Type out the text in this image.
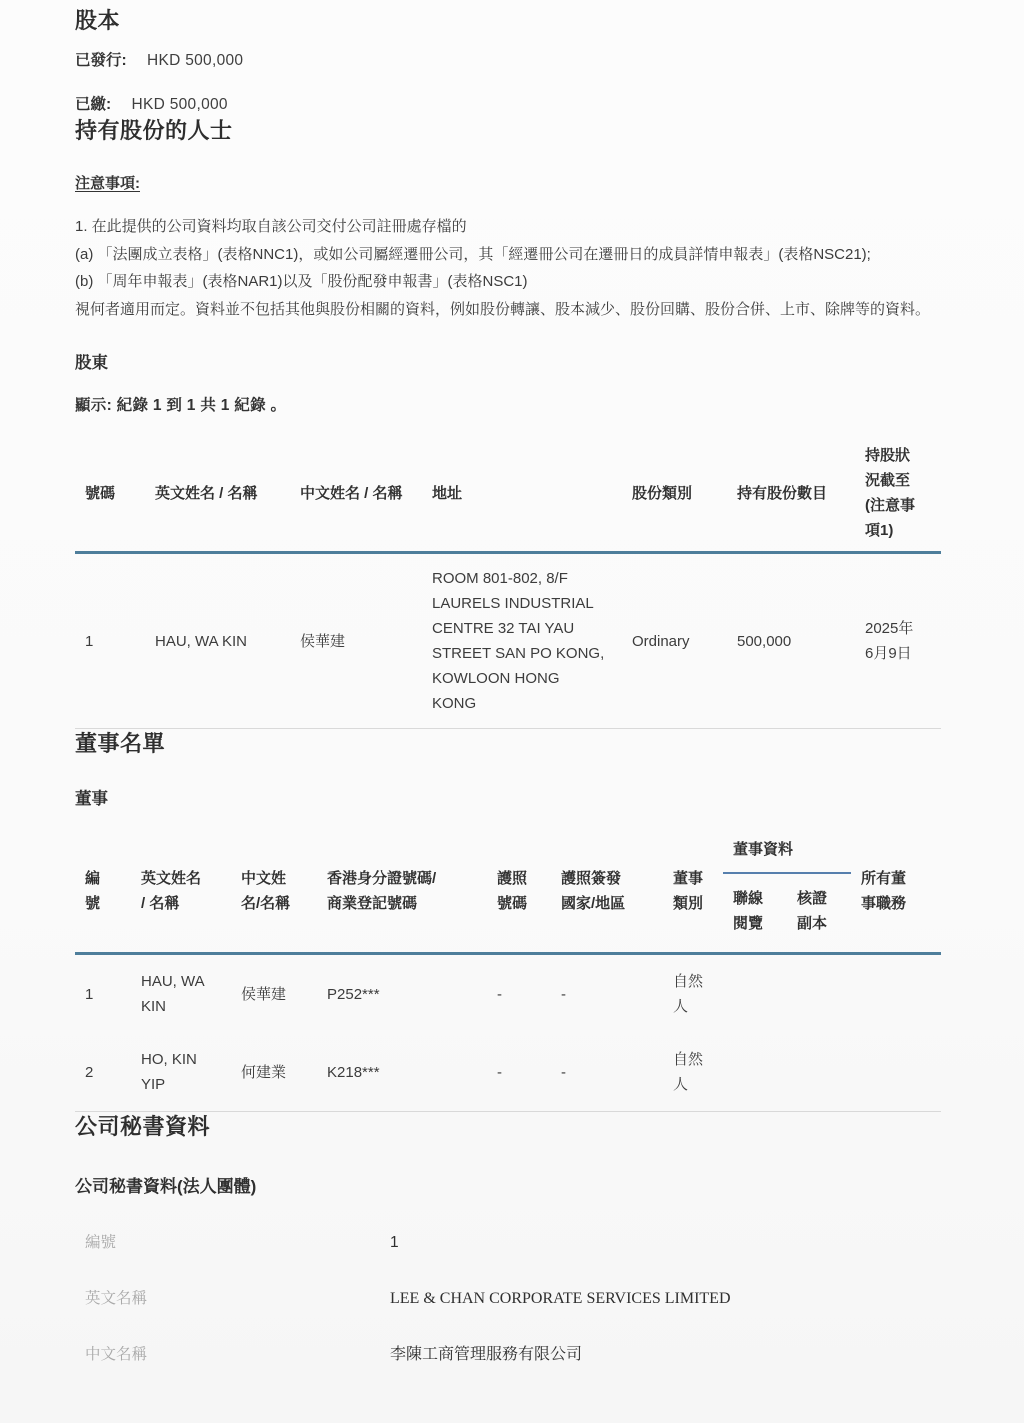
股本
已發行: HKD 500,000
已繳: HKD 500,000
持有股份的人士
注意事項:
1. 在此提供的公司資料均取自該公司交付公司註冊處存檔的
(a) 「法團成立表格」(表格NNC1)，或如公司屬經遷冊公司，其「經遷冊公司在遷冊日的成員詳情申報表」(表格NSC21);
(b) 「周年申報表」(表格NAR1)以及「股份配發申報書」(表格NSC1)
視何者適用而定。資料並不包括其他與股份相關的資料，例如股份轉讓、股本減少、股份回購、股份合併、上市、除牌等的資料。
股東
顯示: 紀錄 1 到 1 共 1 紀錄 。
號碼	英文姓名 / 名稱	中文姓名 / 名稱	地址	股份類別	持有股份數目	持股狀況截至(注意事項1)
1	HAU, WA KIN	侯華建	ROOM 801-802, 8/F LAURELS INDUSTRIAL CENTRE 32 TAI YAU STREET SAN PO KONG, KOWLOON HONG KONG	Ordinary	500,000	2025年6月9日
董事名單
董事
編號	英文姓名 / 名稱	中文姓名/名稱	香港身分證號碼/商業登記號碼	護照號碼	護照簽發國家/地區	董事類別	董事資料		所有董事職務
							聯線閱覽	核證副本	
1	HAU, WA KIN	侯華建	P252***	-	-	自然人			
2	HO, KIN YIP	何建業	K218***	-	-	自然人			
公司秘書資料
公司秘書資料(法人團體)
編號	1
英文名稱	LEE & CHAN CORPORATE SERVICES LIMITED
中文名稱	李陳工商管理服務有限公司
